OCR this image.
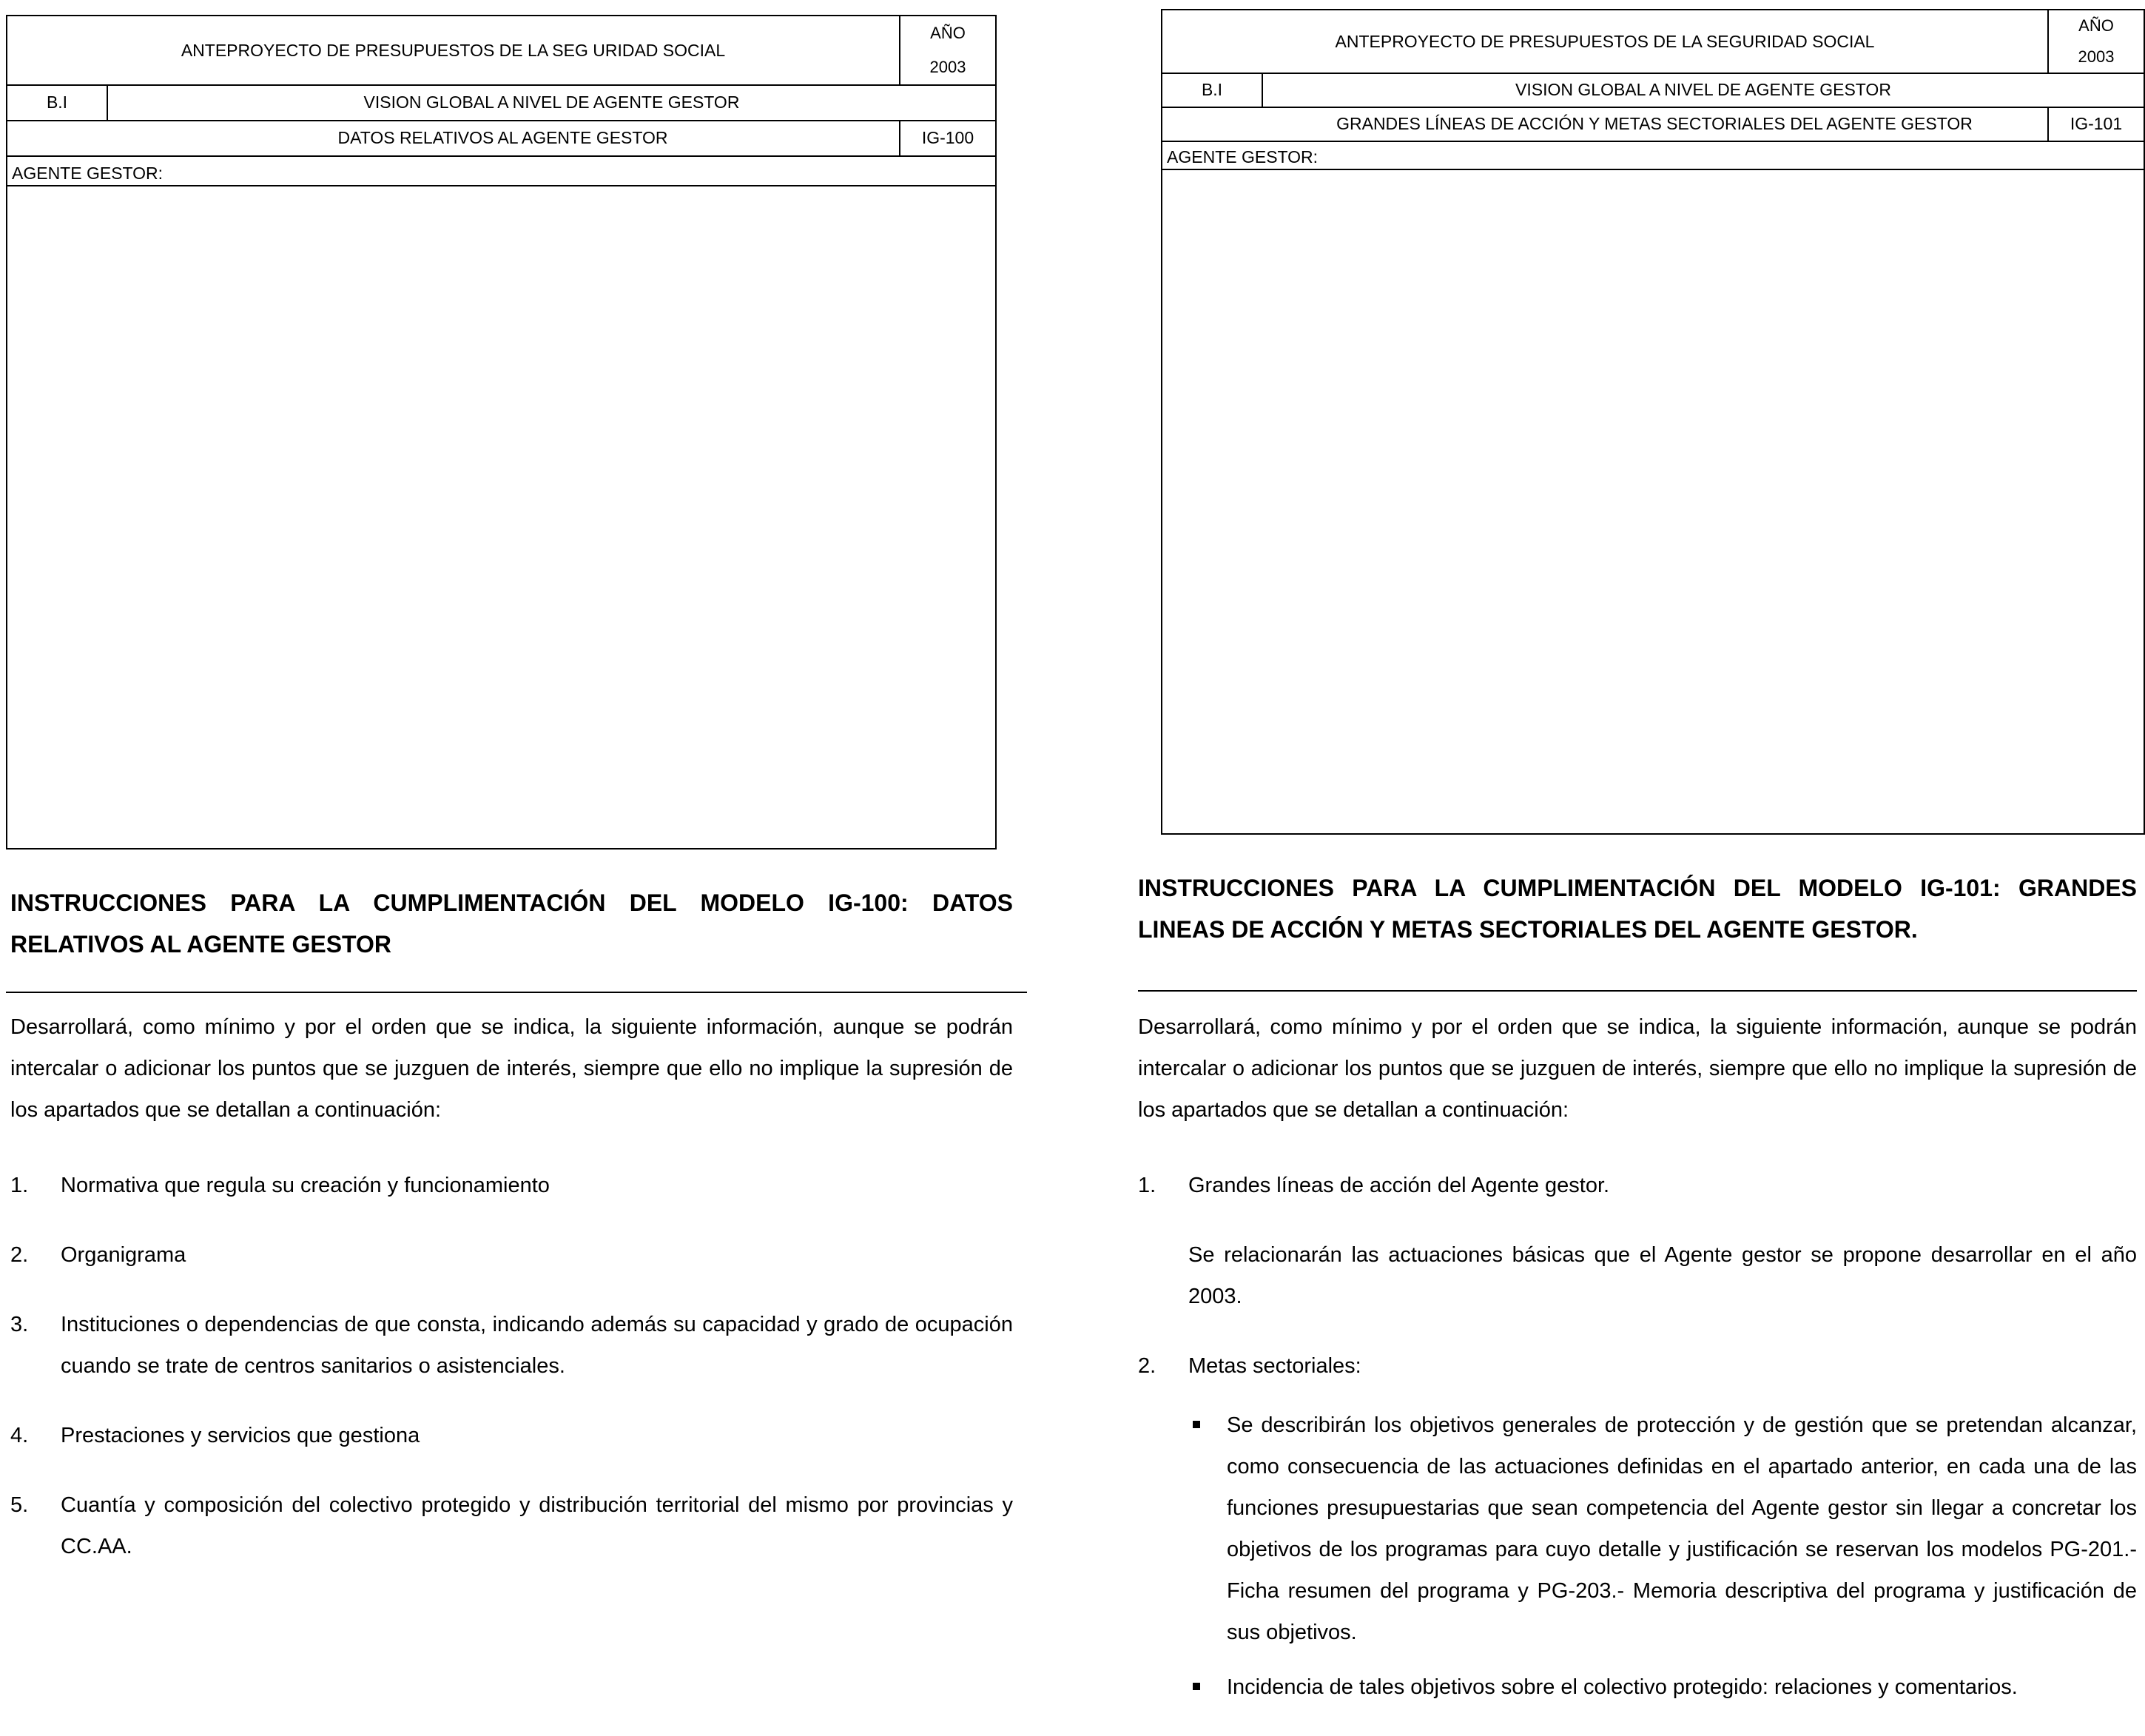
ANTEPROYECTO DE PRESUPUESTOS DE LA SEG URIDAD SOCIAL
AÑO
2003
B.I	VISION GLOBAL A NIVEL DE AGENTE GESTOR
DATOS RELATIVOS AL AGENTE GESTOR	IG-100
AGENTE GESTOR:
INSTRUCCIONES PARA LA CUMPLIMENTACIÓN DEL MODELO IG-100: DATOS RELATIVOS AL AGENTE GESTOR
Desarrollará, como mínimo y por el orden que se indica, la siguiente información, aunque se podrán intercalar o adicionar los puntos que se juzguen de interés, siempre que ello no implique la supresión de los apartados que se detallan a continuación:
1. Normativa que regula su creación y funcionamiento
2. Organigrama
3. Instituciones o dependencias de que consta, indicando además su capacidad y grado de ocupación cuando se trate de centros sanitarios o asistenciales.
4. Prestaciones y servicios que gestiona
5. Cuantía y composición del colectivo protegido y distribución territorial del mismo por provincias y CC.AA.
ANTEPROYECTO DE PRESUPUESTOS DE LA SEGURIDAD SOCIAL
AÑO
2003
B.I	VISION GLOBAL A NIVEL DE AGENTE GESTOR
GRANDES LÍNEAS DE ACCIÓN Y METAS SECTORIALES DEL AGENTE GESTOR	IG-101
AGENTE GESTOR:
INSTRUCCIONES PARA LA CUMPLIMENTACIÓN DEL MODELO IG-101: GRANDES LINEAS DE ACCIÓN Y METAS SECTORIALES DEL AGENTE GESTOR.
Desarrollará, como mínimo y por el orden que se indica, la siguiente información, aunque se podrán intercalar o adicionar los puntos que se juzguen de interés, siempre que ello no implique la supresión de los apartados que se detallan a continuación:
1. Grandes líneas de acción del Agente gestor.
Se relacionarán las actuaciones básicas que el Agente gestor se propone desarrollar en el año 2003.
2. Metas sectoriales:
Se describirán los objetivos generales de protección y de gestión que se pretendan alcanzar, como consecuencia de las actuaciones definidas en el apartado anterior, en cada una de las funciones presupuestarias que sean competencia del Agente gestor sin llegar a concretar los objetivos de los programas para cuyo detalle y justificación se reservan los modelos PG-201.- Ficha resumen del programa y PG-203.- Memoria descriptiva del programa y justificación de sus objetivos.
Incidencia de tales objetivos sobre el colectivo protegido: relaciones y comentarios.
